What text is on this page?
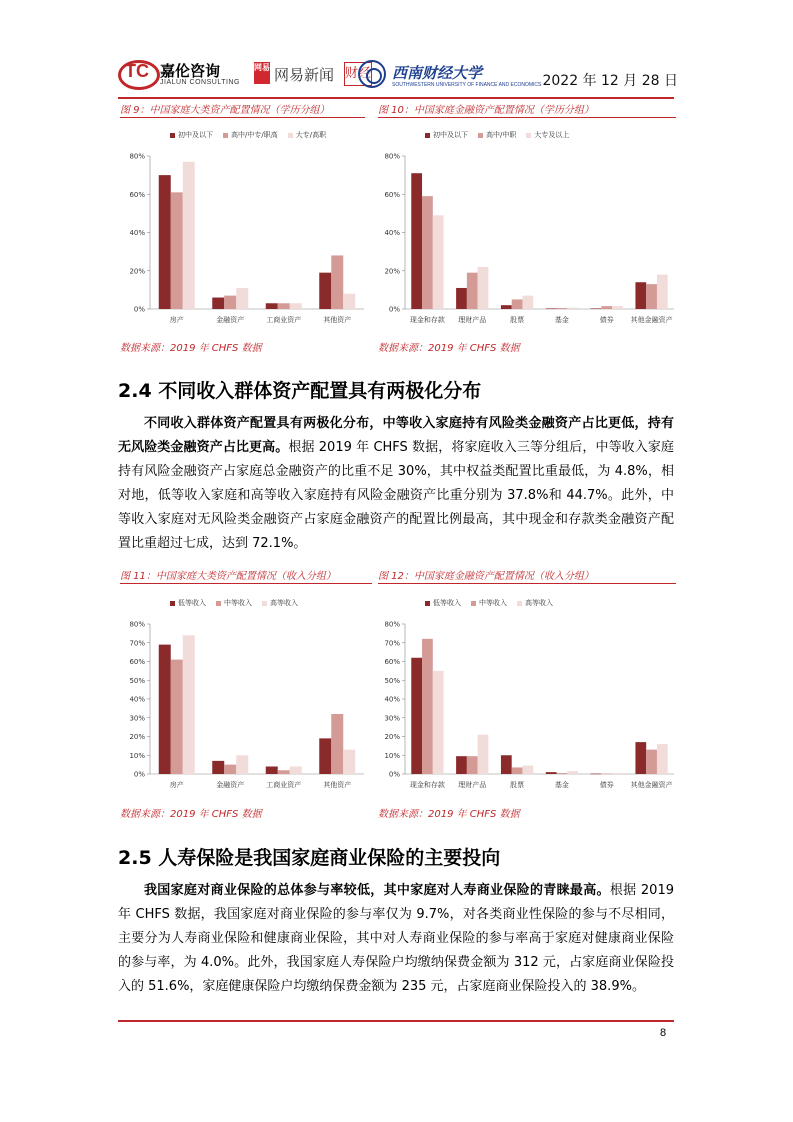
TC 嘉伦咨询
JIALUN CONSULTING
网易 网易新闻 财经 西南财经大学
SOUTHWESTERN UNIVERSITY OF FINANCE AND ECONOMICS 2022 年 12 月 28 日
图 9：中国家庭大类资产配置情况（学历分组）	图 10：中国家庭金融资产配置情况（学历分组）
初中及以下	高中/中专/职高	大专/高职
0%
20%
40%
60%
80%
房产	金融资产	工商业资产	其他资产
初中及以下	高中/中职	大专及以上
0%
20%
40%
60%
80%
现金和存款 理财产品	股票	基金	债券 其他金融资产
数据来源：2019 年 CHFS 数据	数据来源：2019 年 CHFS 数据
2.4 不同收入群体资产配置具有两极化分布

不同收入群体资产配置具有两极化分布，中等收入家庭持有风险类金融资产占比更低，持有无风险类金融资产占比更高。根据 2019 年 CHFS 数据，将家庭收入三等分组后，中等收入家庭持有风险金融资产占家庭总金融资产的比重不足 30%，其中权益类配置比重最低，为 4.8%，相对地，低等收入家庭和高等收入家庭持有风险金融资产比重分别为 37.8%和 44.7%。此外，中等收入家庭对无风险类金融资产占家庭金融资产的配置比例最高，其中现金和存款类金融资产配置比重超过七成，达到 72.1%。

图 11：中国家庭大类资产配置情况（收入分组）	图 12：中国家庭金融资产配置情况（收入分组）
低等收入	中等收入	高等收入
0%
10%
20%
30%
40%
50%
60%
70%
80%
房产	金融资产	工商业资产	其他资产
低等收入	中等收入	高等收入
0%
10%
20%
30%
40%
50%
60%
70%
80%
现金和存款 理财产品	股票	基金	债券 其他金融资产
数据来源：2019 年 CHFS 数据	数据来源：2019 年 CHFS 数据
2.5 人寿保险是我国家庭商业保险的主要投向

我国家庭对商业保险的总体参与率较低，其中家庭对人寿商业保险的青睐最高。根据 2019 年 CHFS 数据，我国家庭对商业保险的参与率仅为 9.7%，对各类商业性保险的参与不尽相同，主要分为人寿商业保险和健康商业保险，其中对人寿商业保险的参与率高于家庭对健康商业保险的参与率，为 4.0%。此外，我国家庭人寿保险户均缴纳保费金额为 312 元，占家庭商业保险投入的 51.6%，家庭健康保险户均缴纳保费金额为 235 元，占家庭商业保险投入的 38.9%。

8
